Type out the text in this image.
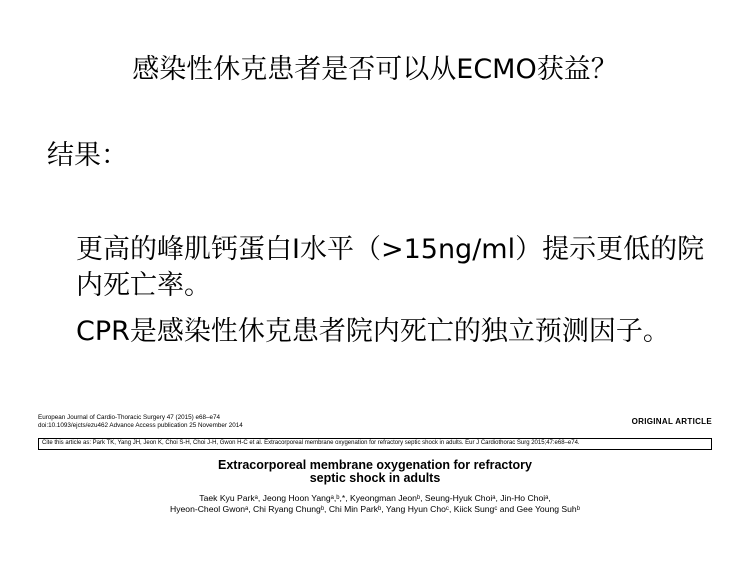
感染性休克患者是否可以从ECMO获益？
结果：

更高的峰肌钙蛋白I水平（>15ng/ml）提示更低的院内死亡率。

CPR是感染性休克患者院内死亡的独立预测因子。

European Journal of Cardio-Thoracic Surgery 47 (2015) e68–e74
doi:10.1093/ejcts/ezu462 Advance Access publication 25 November 2014	ORIGINAL ARTICLE
Cite this article as: Park TK, Yang JH, Jeon K, Choi S-H, Choi J-H, Gwon H-C et al. Extracorporeal membrane oxygenation for refractory septic shock in adults. Eur J Cardiothorac Surg 2015;47:e68–e74.
Extracorporeal membrane oxygenation for refractory
septic shock in adults
Taek Kyu Parkᵃ, Jeong Hoon Yangᵃ,ᵇ,*, Kyeongman Jeonᵇ, Seung-Hyuk Choiᵃ, Jin-Ho Choiᵃ,
Hyeon-Cheol Gwonᵃ, Chi Ryang Chungᵇ, Chi Min Parkᵇ, Yang Hyun Choᶜ, Kiick Sungᶜ and Gee Young Suhᵇ
